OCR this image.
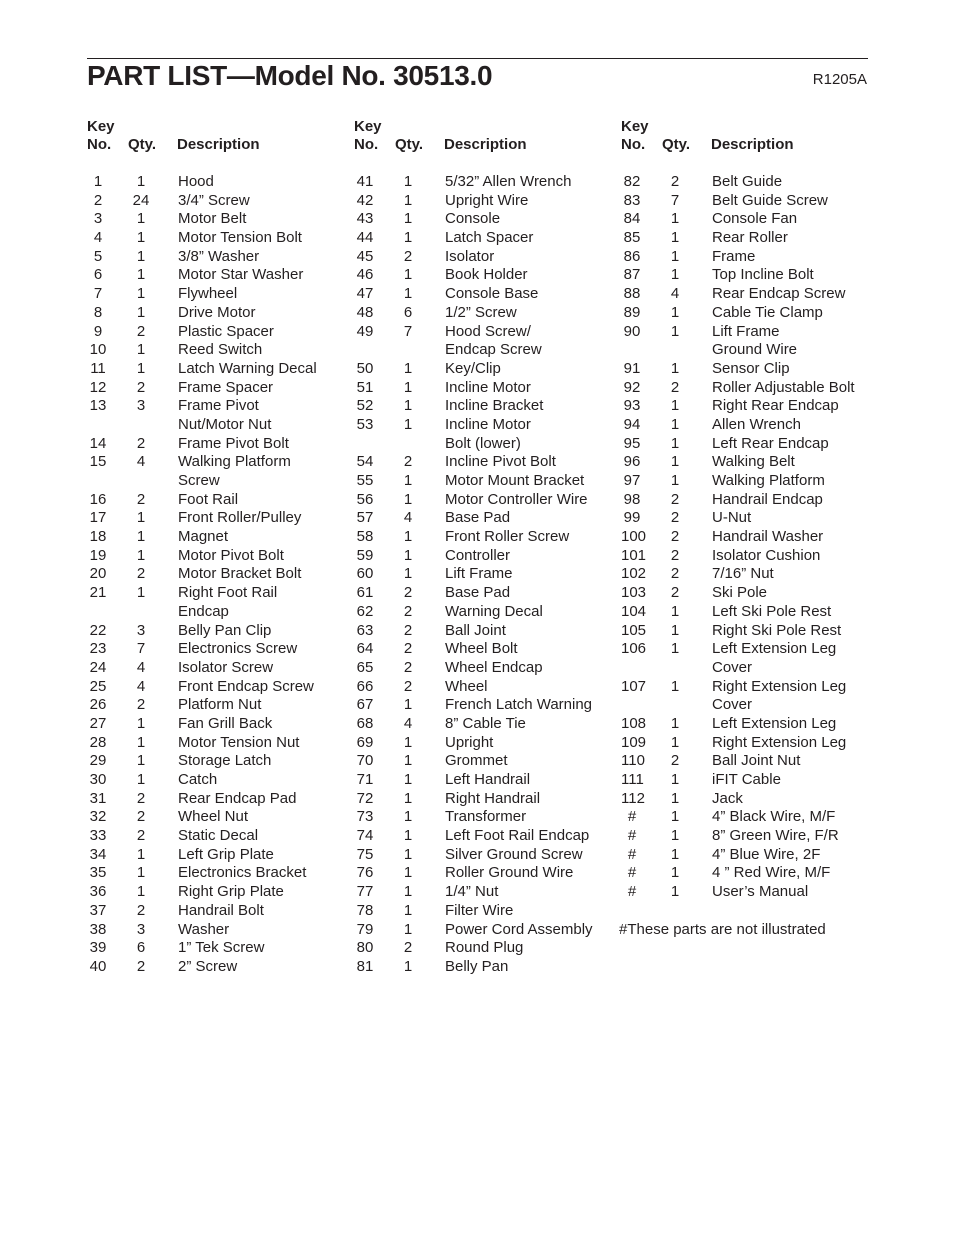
PART LIST—Model No. 30513.0	R1205A
Key
No. Qty. Description
1	1	Hood
2	24 3/4” Screw
3	1	Motor Belt
4	1	Motor Tension Bolt
5	1	3/8” Washer
6	1	Motor Star Washer
7	1	Flywheel
8	1	Drive Motor
9	2	Plastic Spacer
10	1	Reed Switch
11	1	Latch Warning Decal
12	2	Frame Spacer
13	3	Frame Pivot
Nut/Motor Nut
14	2	Frame Pivot Bolt
15	4	Walking Platform
Screw
16	2	Foot Rail
17	1	Front Roller/Pulley
18	1	Magnet
19	1	Motor Pivot Bolt
20	2	Motor Bracket Bolt
21	1	Right Foot Rail
Endcap
22	3	Belly Pan Clip
23	7	Electronics Screw
24	4	Isolator Screw
25	4	Front Endcap Screw
26	2	Platform Nut
27	1	Fan Grill Back
28	1	Motor Tension Nut
29	1	Storage Latch
30	1	Catch
31	2	Rear Endcap Pad
32	2	Wheel Nut
33	2	Static Decal
34	1	Left Grip Plate
35	1	Electronics Bracket
36	1	Right Grip Plate
37	2	Handrail Bolt
38	3	Washer
39	6	1” Tek Screw
40	2	2” Screw
Key
No. Qty. Description
41	1	5/32” Allen Wrench
42	1	Upright Wire
43	1	Console
44	1	Latch Spacer
45	2	Isolator
46	1	Book Holder
47	1	Console Base
48	6	1/2” Screw
49	7	Hood Screw/
Endcap Screw
50	1	Key/Clip
51	1	Incline Motor
52	1	Incline Bracket
53	1	Incline Motor
Bolt (lower)
54	2	Incline Pivot Bolt
55	1	Motor Mount Bracket
56	1	Motor Controller Wire
57	4	Base Pad
58	1	Front Roller Screw
59	1	Controller
60	1	Lift Frame
61	2	Base Pad
62	2	Warning Decal
63	2	Ball Joint
64	2	Wheel Bolt
65	2	Wheel Endcap
66	2	Wheel
67	1	French Latch Warning
68	4	8” Cable Tie
69	1	Upright
70	1	Grommet
71	1	Left Handrail
72	1	Right Handrail
73	1	Transformer
74	1	Left Foot Rail Endcap
75	1	Silver Ground Screw
76	1	Roller Ground Wire
77	1	1/4” Nut
78	1	Filter Wire
79	1	Power Cord Assembly
80	2	Round Plug
81	1	Belly Pan
Key
No. Qty. Description
82	2	Belt Guide
83	7	Belt Guide Screw
84	1	Console Fan
85	1	Rear Roller
86	1	Frame
87	1	Top Incline Bolt
88	4	Rear Endcap Screw
89	1	Cable Tie Clamp
90	1	Lift Frame
Ground Wire
91	1	Sensor Clip
92	2	Roller Adjustable Bolt
93	1	Right Rear Endcap
94	1	Allen Wrench
95	1	Left Rear Endcap
96	1	Walking Belt
97	1	Walking Platform
98	2	Handrail Endcap
99	2	U-Nut
100	2	Handrail Washer
101	2	Isolator Cushion
102	2	7/16” Nut
103	2	Ski Pole
104	1	Left Ski Pole Rest
105	1	Right Ski Pole Rest
106	1	Left Extension Leg
Cover
107	1	Right Extension Leg
Cover
108	1	Left Extension Leg
109	1	Right Extension Leg
110	2	Ball Joint Nut
111	1	iFIT Cable
112	1	Jack
#	1	4” Black Wire, M/F
#	1	8” Green Wire, F/R
#	1	4” Blue Wire, 2F
#	1	4 ” Red Wire, M/F
#	1	User’s Manual
#These parts are not illustrated
